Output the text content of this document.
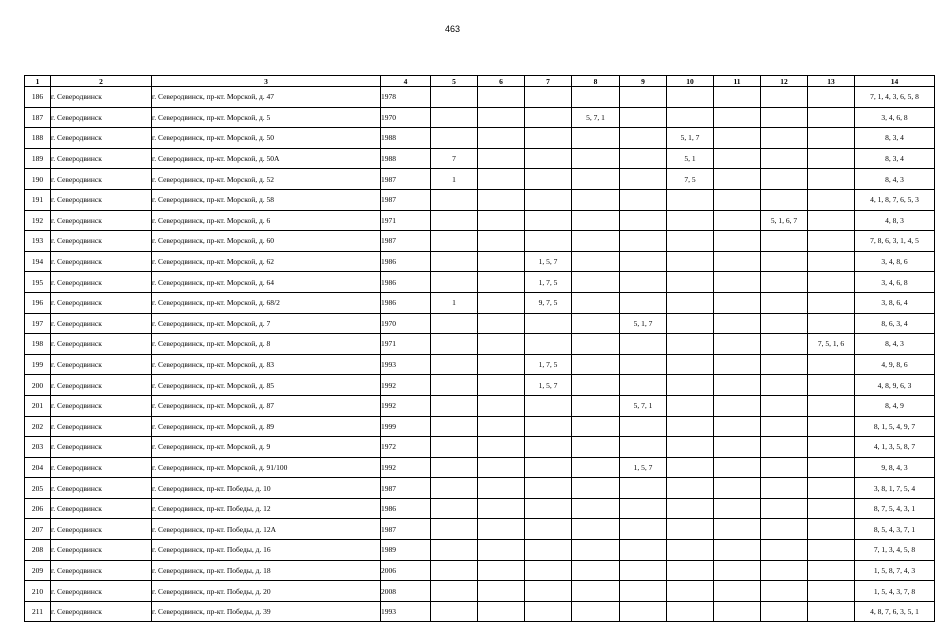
463
1	2	3	4	5	6	7	8	9	10	11	12	13	14
186	г. Северодвинск	г. Северодвинск, пр-кт. Морской, д. 47	1978										7, 1, 4, 3, 6, 5, 8
187	г. Северодвинск	г. Северодвинск, пр-кт. Морской, д. 5	1970				5, 7, 1						3, 4, 6, 8
188	г. Северодвинск	г. Северодвинск, пр-кт. Морской, д. 50	1988						5, 1, 7				8, 3, 4
189	г. Северодвинск	г. Северодвинск, пр-кт. Морской, д. 50А	1988	7					5, 1				8, 3, 4
190	г. Северодвинск	г. Северодвинск, пр-кт. Морской, д. 52	1987	1					7, 5				8, 4, 3
191	г. Северодвинск	г. Северодвинск, пр-кт. Морской, д. 58	1987										4, 1, 8, 7, 6, 5, 3
192	г. Северодвинск	г. Северодвинск, пр-кт. Морской, д. 6	1971								5, 1, 6, 7		4, 8, 3
193	г. Северодвинск	г. Северодвинск, пр-кт. Морской, д. 60	1987										7, 8, 6, 3, 1, 4, 5
194	г. Северодвинск	г. Северодвинск, пр-кт. Морской, д. 62	1986			1, 5, 7							3, 4, 8, 6
195	г. Северодвинск	г. Северодвинск, пр-кт. Морской, д. 64	1986			1, 7, 5							3, 4, 6, 8
196	г. Северодвинск	г. Северодвинск, пр-кт. Морской, д. 68/2	1986	1		9, 7, 5							3, 8, 6, 4
197	г. Северодвинск	г. Северодвинск, пр-кт. Морской, д. 7	1970					5, 1, 7					8, 6, 3, 4
198	г. Северодвинск	г. Северодвинск, пр-кт. Морской, д. 8	1971									7, 5, 1, 6	8, 4, 3
199	г. Северодвинск	г. Северодвинск, пр-кт. Морской, д. 83	1993			1, 7, 5							4, 9, 8, 6
200	г. Северодвинск	г. Северодвинск, пр-кт. Морской, д. 85	1992			1, 5, 7							4, 8, 9, 6, 3
201	г. Северодвинск	г. Северодвинск, пр-кт. Морской, д. 87	1992					5, 7, 1					8, 4, 9
202	г. Северодвинск	г. Северодвинск, пр-кт. Морской, д. 89	1999										8, 1, 5, 4, 9, 7
203	г. Северодвинск	г. Северодвинск, пр-кт. Морской, д. 9	1972										4, 1, 3, 5, 8, 7
204	г. Северодвинск	г. Северодвинск, пр-кт. Морской, д. 91/100	1992					1, 5, 7					9, 8, 4, 3
205	г. Северодвинск	г. Северодвинск, пр-кт. Победы, д. 10	1987										3, 8, 1, 7, 5, 4
206	г. Северодвинск	г. Северодвинск, пр-кт. Победы, д. 12	1986										8, 7, 5, 4, 3, 1
207	г. Северодвинск	г. Северодвинск, пр-кт. Победы, д. 12А	1987										8, 5, 4, 3, 7, 1
208	г. Северодвинск	г. Северодвинск, пр-кт. Победы, д. 16	1989										7, 1, 3, 4, 5, 8
209	г. Северодвинск	г. Северодвинск, пр-кт. Победы, д. 18	2006										1, 5, 8, 7, 4, 3
210	г. Северодвинск	г. Северодвинск, пр-кт. Победы, д. 20	2008										1, 5, 4, 3, 7, 8
211	г. Северодвинск	г. Северодвинск, пр-кт. Победы, д. 39	1993										4, 8, 7, 6, 3, 5, 1
